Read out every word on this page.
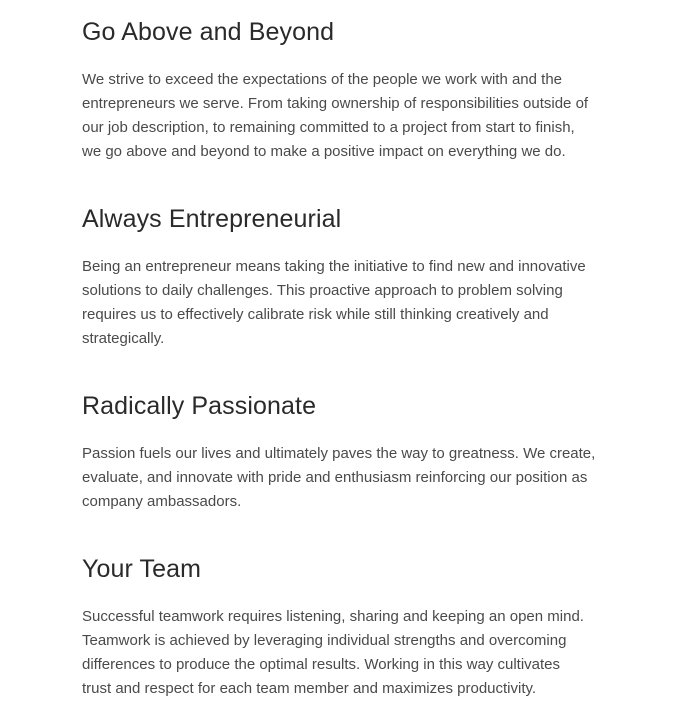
Go Above and Beyond

We strive to exceed the expectations of the people we work with and the
entrepreneurs we serve. From taking ownership of responsibilities outside of
our job description, to remaining committed to a project from start to finish,
we go above and beyond to make a positive impact on everything we do.

Always Entrepreneurial

Being an entrepreneur means taking the initiative to find new and innovative
solutions to daily challenges. This proactive approach to problem solving
requires us to effectively calibrate risk while still thinking creatively and
strategically.

Radically Passionate

Passion fuels our lives and ultimately paves the way to greatness. We create,
evaluate, and innovate with pride and enthusiasm reinforcing our position as
company ambassadors.

Your Team

Successful teamwork requires listening, sharing and keeping an open mind.
Teamwork is achieved by leveraging individual strengths and overcoming
differences to produce the optimal results. Working in this way cultivates
trust and respect for each team member and maximizes productivity.
